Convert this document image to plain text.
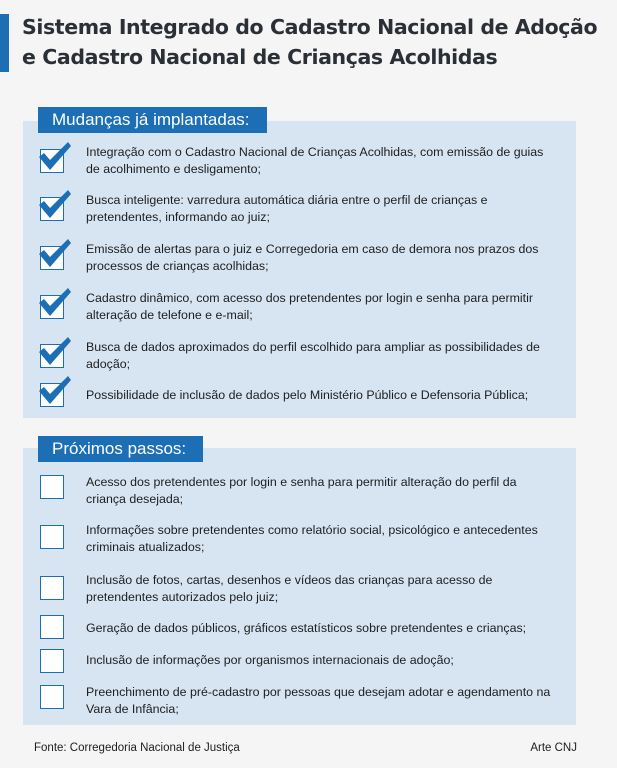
Sistema Integrado do Cadastro Nacional de Adoção e Cadastro Nacional de Crianças Acolhidas
Mudanças já implantadas:
Próximos passos:
Integração com o Cadastro Nacional de Crianças Acolhidas, com emissão de guias de acolhimento e desligamento;
Busca inteligente: varredura automática diária entre o perfil de crianças e pretendentes, informando ao juiz;
Emissão de alertas para o juiz e Corregedoria em caso de demora nos prazos dos processos de crianças acolhidas;
Cadastro dinâmico, com acesso dos pretendentes por login e senha para permitir alteração de telefone e e-mail;
Busca de dados aproximados do perfil escolhido para ampliar as possibilidades de adoção;
Possibilidade de inclusão de dados pelo Ministério Público e Defensoria Pública;
Acesso dos pretendentes por login e senha para permitir alteração do perfil da criança desejada;
Informações sobre pretendentes como relatório social, psicológico e antecedentes criminais atualizados;
Inclusão de fotos, cartas, desenhos e vídeos das crianças para acesso de pretendentes autorizados pelo juiz;
Geração de dados públicos, gráficos estatísticos sobre pretendentes e crianças;
Inclusão de informações por organismos internacionais de adoção;
Preenchimento de pré-cadastro por pessoas que desejam adotar e agendamento na Vara de Infância;
Fonte: Corregedoria Nacional de Justiça	Arte CNJ
